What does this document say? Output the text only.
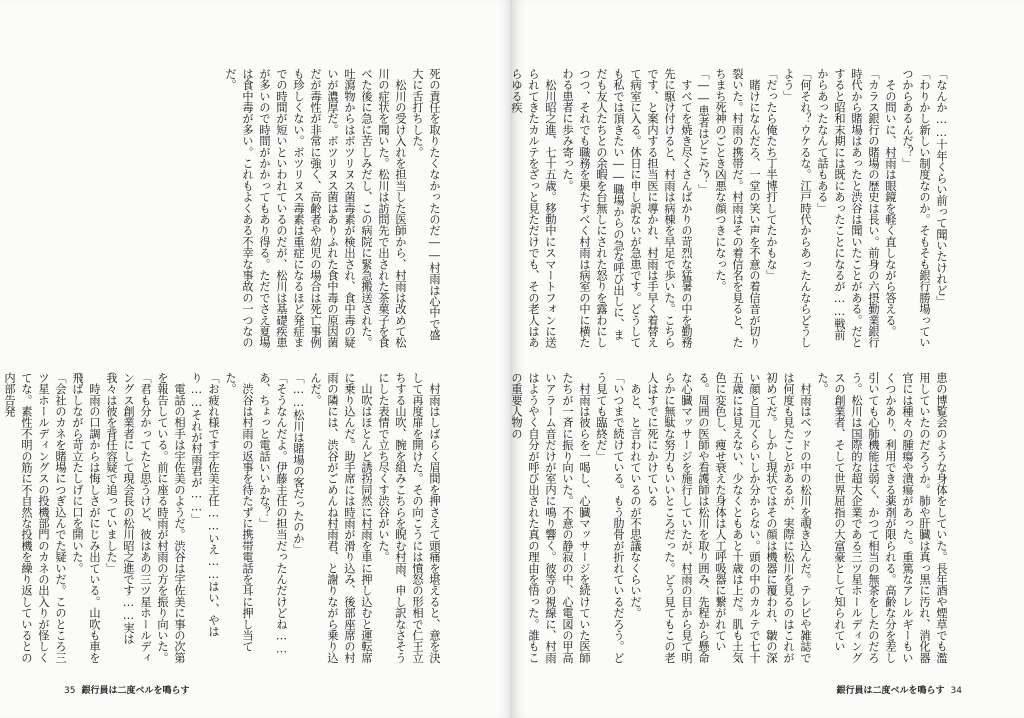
死の責任を取りたくなかったのだ――村雨は心中で盛大に舌打ちした。

　松川の受け入れを担当した医師から、村雨は改めて松川の症状を聞いた。松川は訪問先で出された茶菓子を食べた後に急に苦しみだし、この病院に緊急搬送された。吐瀉物からはボツリヌス菌毒素が検出され、食中毒の疑いが濃厚だ。ボツリヌス菌はありふれた食中毒の原因菌だが毒性が非常に強く、高齢者や幼児の場合は死亡事例も珍しくない。ボツリヌス毒素は重症になるほど発症までの時間が短いといわれているのだが、松川は基礎疾患が多いので時間がかかってもあり得る。ただでさえ夏場は食中毒が多い。これもよくある不幸な事故の一つなのだ。

　村雨はしばらく眉間を押さえて頭痛を堪えると、意を決して再度扉を開けた。その向こうには憤怒の形相で仁王立ちする山吹、腕を組みこちらを睨む村雨、申し訳なさそうにした表情で立ち尽くす渋谷がいた。

　山吹はほとんど誘拐同然に村雨を車に押し込むと運転席に乗り込んだ。助手席には時雨が滑り込み、後部座席の村雨の隣には、渋谷がごめんね村雨君、と謝りながら乗り込んだ。

「……松川は賭場の客だったのか」

「そうなんだよ。伊藤主任の担当だったんだけどね……あ、ちょっと電話いいかな？」

　渋谷は村雨の返事を待たずに携帯電話を耳に押し当てた。

「お疲れ様です宇佐美主任……いえ……はい、やはり……それが村雨君が……」

　電話の相手は宇佐美のようだ。渋谷は宇佐美に事の次第を報告している。前に座る時雨が村雨の方を振り向いた。

「君も分かってたと思うけど、彼はあの三ツ星ホールディングス創業者にして現会長の松川昭之進です……実は我々は彼を背任容疑で追っていました」

　時雨の口調からは悔しさがにじみ出ている。山吹も車を飛ばしながら苛立たしげに口を開いた。

「会社のカネを賭場につぎ込んでた疑いだ。このところ三ツ星ホールディングスの投機部門のカネの出入りが怪しくてな。素性不明の筋に不自然な投機を繰り返しているとの内部告発

35 銀行員は二度ベルを鳴らす

「なんか……十年くらい前って聞いたけれど」

「わりかし新しい制度なのか。そもそも銀行勝場っていつからあるんだ？」

　その問いに、村雨は眼鏡を軽く直しながら答える。

「カラス銀行の賭場の歴史は長い。前身の六摂勤業銀行時代から賭場はあったと渋谷は聞いたことがある。だとすると昭和末期には既にあったことになるが……戦前からあったなんて話もある」

「何それ？ウケるな。江戸時代からあったんならどうしよう」

「だったら俺たち丁半博打してたかもな」

　賭けになんだろ、一堂の笑い声を不意の着信音が切り裂いた。村雨の携帯だ。村雨はその着信名を見ると、たちまち死神のごとき凶悪な顔つきになった。

「――患者はどこだ？」

　すべてを焼き尽くさんばかりの苛烈な猛暑の中を勤務先に駆け付けると、村雨は病棟を早足で歩いた。こちらです、と案内する担当医に導かれ、村雨は手早く着替えて病室に入る。休日に申し訳ないが急患です。どうしても私では頂きたい――職場からの急な呼び出しに、まだも友人たちとの余暇を台無しにされた怒りを露わにしつつ、それでも職務を果たすべく村雨は病室の中に横たわる患者に歩み寄った。

　松川昭之進、七十五歳。移動中にスマートフォンに送られてきたカルテをざっと見ただけでも、その老人はあらゆる疾

患の博覧会のような身体をしていた。長年酒や煙草でも濫用していたのだろうか。肺や肝臓は真っ黒に汚れ、消化器官には種々の腫瘍や潰瘍があった。重篤なアレルギーもいくつかあり、利用できる薬剤が限られる。高齢な分を差し引いても心肺機能は弱く、かつて相当の無茶をしたのだろう。松川は国際的な超大企業である三ツ星ホールディングスの創業者、そして世界屈指の大富豪として知られていた。

　村雨はベッドの中の松川を覗き込んだ。テレビや雑誌では何度も見たことがあるが、実際に松川を見るのはこれが初めてだ。しかし現状ではその顔は機器に覆われ、皺の深い顔と目元くらいしか分からない。頭の中のカルテで七十五歳には見えない、少なくともあと十歳は上だ。肌も土気色に変色し、痩せ衰えた身体は人工呼吸器に繋がれている。周囲の医師や看護師は松川を取り囲み、先程から懸命な心臓マッサージを施行していたが、村雨の目から見て明らかに無駄な努力もいいところだった。どう見てもこの老人はすでに死にかけている

　あと、と言われているのが不思議なくらいだ。

「いつまで続けている。もう肋骨が折れているだろう。どう見ても臨終だ」

　村雨は彼らを一喝し、心臓マッサージを続けていた医師たちが一斉に振り向いた。不意の静寂の中、心電図の甲高いアラーム音だけが室内に鳴り響く。彼等の視線に、村雨はようやく自分が呼び出された真の理由を悟った。誰もこの重要人物の

銀行員は二度ベルを鳴らす 34
